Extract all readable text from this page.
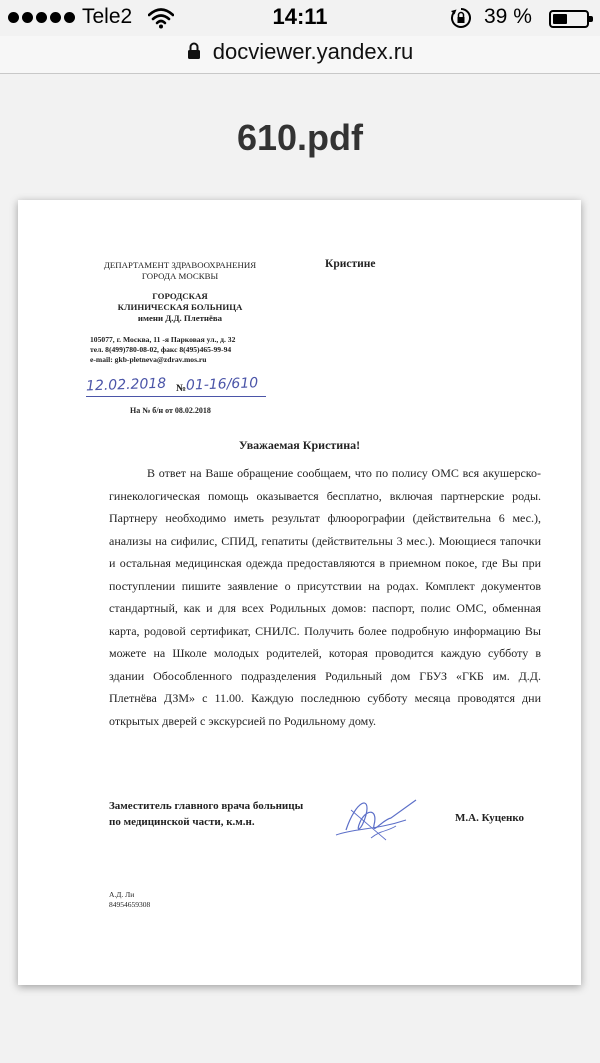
Tele2	14:11	39 %
docviewer.yandex.ru
610.pdf
ДЕПАРТАМЕНТ ЗДРАВООХРАНЕНИЯ ГОРОДА МОСКВЫ
ГОРОДСКАЯ
КЛИНИЧЕСКАЯ БОЛЬНИЦА
имени Д.Д. Плетнёва
105077, г. Москва, 11 -я Парковая ул., д. 32
тел. 8(499)780-08-02, факс 8(495)465-99-94
e-mail: gkb-pletneva@zdrav.mos.ru
Кристине
12.02.2018 № 01-16/610
На № б/н от 08.02.2018
Уважаемая Кристина!
В ответ на Ваше обращение сообщаем, что по полису ОМС вся акушерско-гинекологическая помощь оказывается бесплатно, включая партнерские роды. Партнеру необходимо иметь результат флюорографии (действительна 6 мес.), анализы на сифилис, СПИД, гепатиты (действительны 3 мес.). Моющиеся тапочки и остальная медицинская одежда предоставляются в приемном покое, где Вы при поступлении пишите заявление о присутствии на родах. Комплект документов стандартный, как и для всех Родильных домов: паспорт, полис ОМС, обменная карта, родовой сертификат, СНИЛС. Получить более подробную информацию Вы можете на Школе молодых родителей, которая проводится каждую субботу в здании Обособленного подразделения Родильный дом ГБУЗ «ГКБ им. Д.Д. Плетнёва ДЗМ» с 11.00. Каждую последнюю субботу месяца проводятся дни открытых дверей с экскурсией по Родильному дому.
Заместитель главного врача больницы
по медицинской части, к.м.н.	М.А. Куценко
А.Д. Ли
84954659308
